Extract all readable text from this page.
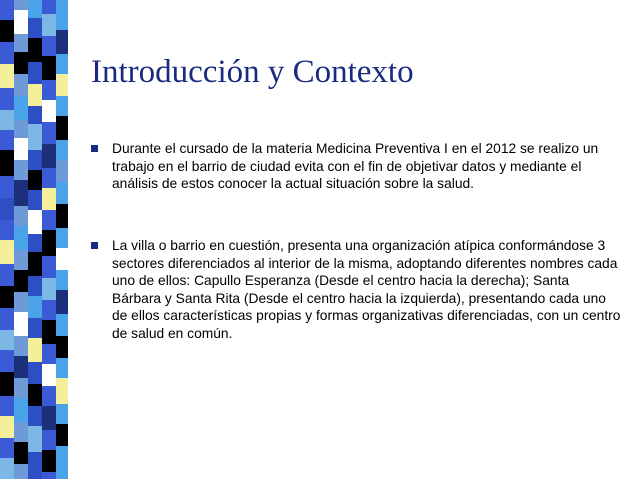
Introducción y Contexto
Durante el cursado de la materia Medicina Preventiva I en el 2012 se realizo un trabajo en el barrio de ciudad evita con el fin de objetivar datos y mediante el análisis de estos conocer la actual situación sobre la salud.
La villa o barrio en cuestión, presenta una organización atípica conformándose 3 sectores diferenciados al interior de la misma, adoptando diferentes nombres cada uno de ellos: Capullo Esperanza (Desde el centro hacia la derecha); Santa Bárbara y Santa Rita (Desde el centro hacia la izquierda), presentando cada uno de ellos características propias y formas organizativas diferenciadas, con un centro de salud en común.
